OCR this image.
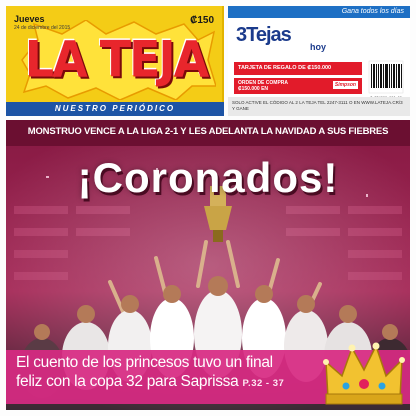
Jueves
24 de diciembre del 2015
₡150
LA TEJA
NUESTRO PERIÓDICO
Gana todos los días
3Tejas
hoy
TARJETA DE REGALO DE ₡150.000
ORDEN DE COMPRA
₡150.000 EN
Simpson
SOLO ACTIVE EL CÓDIGO AL 2 LA TEJA TEL 2247-3111 O EN WWW.LATEJA.CR/3 Y GANE
MONSTRUO VENCE A LA LIGA 2-1 Y LES ADELANTA LA NAVIDAD A SUS FIEBRES
¡Coronados!
El cuento de los princesos tuvo un final
feliz con la copa 32 para Saprissa P.32 - 37
